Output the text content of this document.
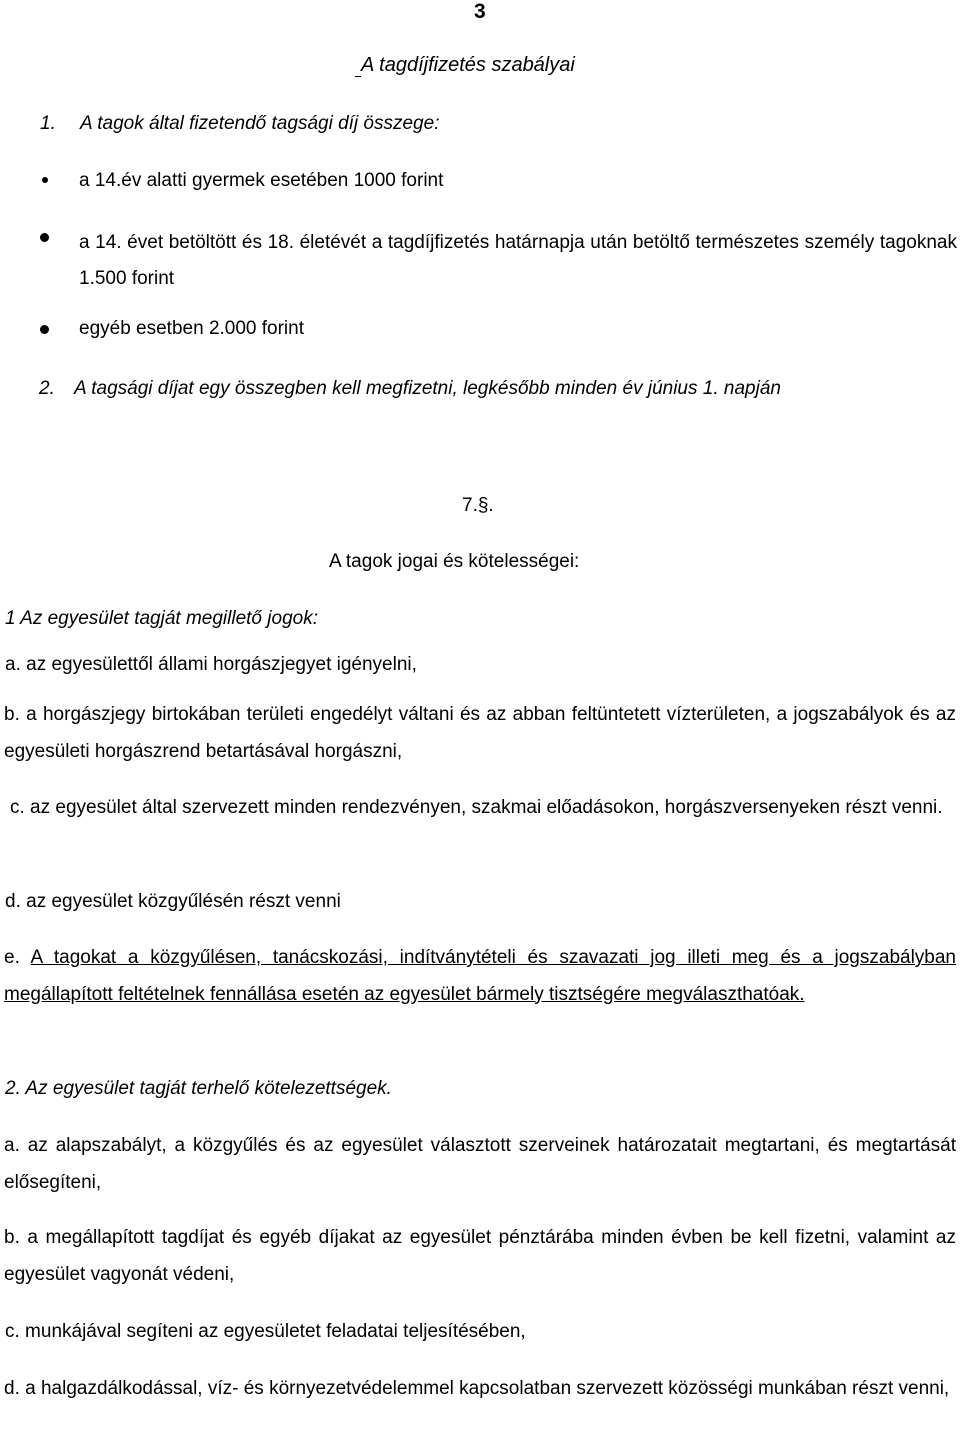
3
A tagdíjfizetés szabályai
1. A tagok által fizetendő tagsági díj összege:
a 14.év alatti gyermek esetében 1000 forint
a 14. évet betöltött és 18. életévét a tagdíjfizetés határnapja után betöltő természetes személy tagoknak 1.500 forint
egyéb esetben 2.000 forint
2. A tagsági díjat egy összegben kell megfizetni, legkésőbb minden év június 1. napján
7.§.
A tagok jogai és kötelességei:
1 Az egyesület tagját megillető jogok:
a. az egyesülettől állami horgászjegyet igényelni,
b. a horgászjegy birtokában területi engedélyt váltani és az abban feltüntetett vízterületen, a jogszabályok és az egyesületi horgászrend betartásával horgászni,
c. az egyesület által szervezett minden rendezvényen, szakmai előadásokon, horgászversenyeken részt venni.
d. az egyesület közgyűlésén részt venni
e. A tagokat a közgyűlésen, tanácskozási, indítványtételi és szavazati jog illeti meg és a jogszabályban megállapított feltételnek fennállása esetén az egyesület bármely tisztségére megválaszthatóak.
2. Az egyesület tagját terhelő kötelezettségek.
a. az alapszabályt, a közgyűlés és az egyesület választott szerveinek határozatait megtartani, és megtartását elősegíteni,
b. a megállapított tagdíjat és egyéb díjakat az egyesület pénztárába minden évben be kell fizetni, valamint az egyesület vagyonát védeni,
c. munkájával segíteni az egyesületet feladatai teljesítésében,
d. a halgazdálkodással, víz- és környezetvédelemmel kapcsolatban szervezett közösségi munkában részt venni,
